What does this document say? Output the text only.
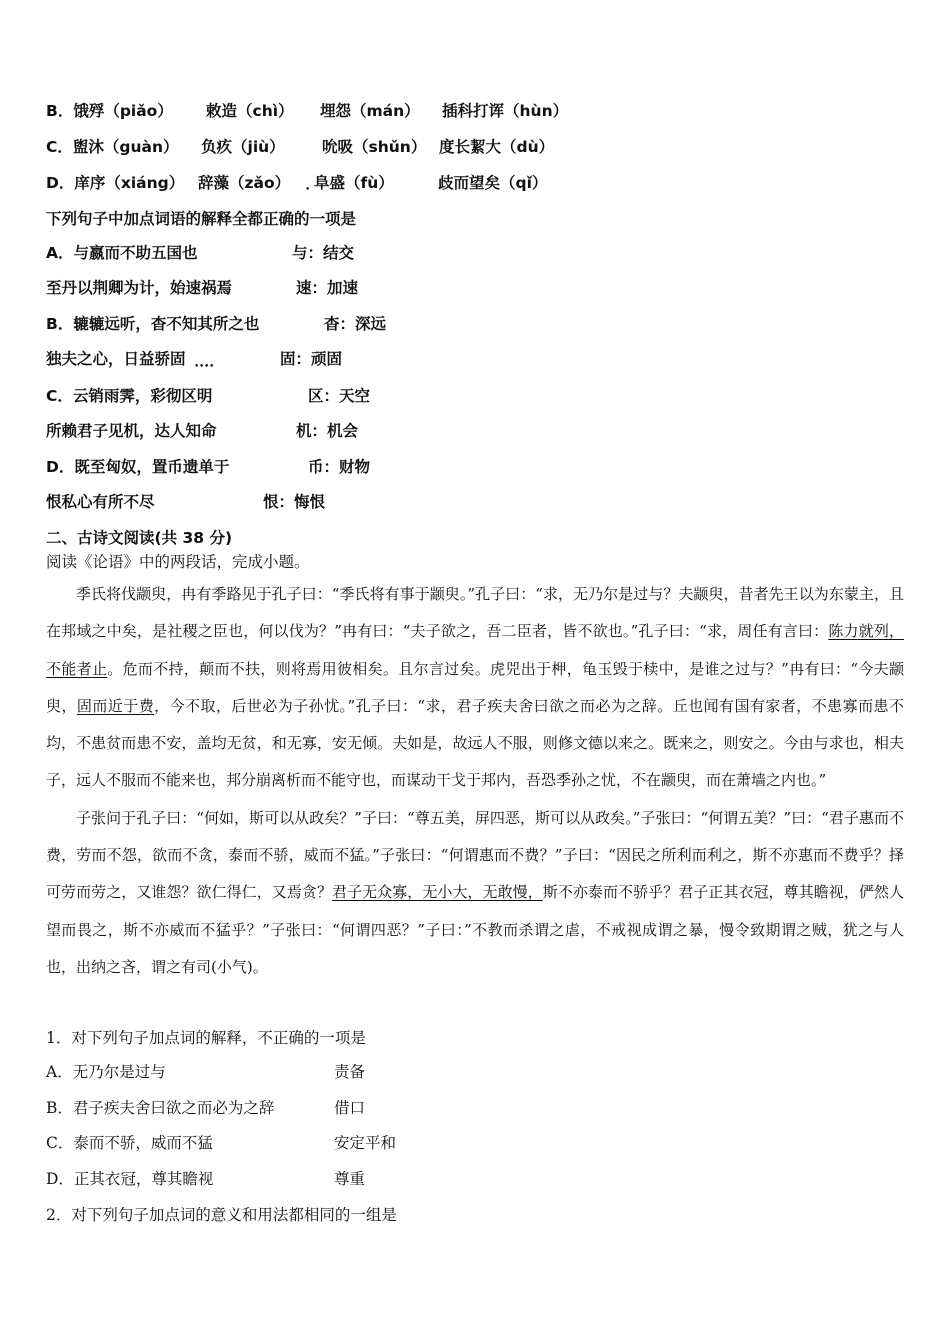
B．饿殍（piǎo） 敕造（chì） 埋怨（mán） 插科打诨（hùn）
C．盥沐（guàn） 负疚（jiù） 吮吸（shǔn） 度长絜大（dù）
D．庠序（xiáng） 辞藻（zǎo） 阜盛（fù）	歧而望矣（qǐ）
下列句子中加点词语的解释全都正确的一项是
A．与嬴而不助五国也	与：结交
至丹以荆卿为计，始速祸焉	速：加速
B．辘辘远听，杳不知其所之也	杳：深远
独夫之心，日益骄固	固：顽固
C．云销雨霁，彩彻区明	区：天空
所赖君子见机，达人知命	机：机会
D．既至匈奴，置币遗单于	币：财物
恨私心有所不尽	恨：悔恨
•
• • • •
二、古诗文阅读(共 38 分)
阅读《论语》中的两段话，完成小题。

季氏将伐颛臾，冉有季路见于孔子曰：“季氏将有事于颛臾。”孔子曰：“求，无乃尔是过与？夫颛臾，昔者先王以为东蒙主，且在邦域之中矣，是社稷之臣也，何以伐为？”冉有曰：“夫子欲之，吾二臣者，皆不欲也。”孔子曰：“求，周任有言曰：陈力就列，不能者止。危而不持，颠而不扶，则将焉用彼相矣。且尔言过矣。虎兕出于柙，龟玉毁于椟中，是谁之过与？”冉有曰：“今夫颛臾，固而近于费，今不取，后世必为子孙忧。”孔子曰：“求，君子疾夫舍曰欲之而必为之辞。丘也闻有国有家者，不患寡而患不均，不患贫而患不安，盖均无贫，和无寡，安无倾。夫如是，故远人不服，则修文德以来之。既来之，则安之。今由与求也，相夫子，远人不服而不能来也，邦分崩离析而不能守也，而谋动干戈于邦内，吾恐季孙之忧，不在颛臾，而在萧墙之内也。”

子张问于孔子曰：“何如，斯可以从政矣？”子曰：“尊五美，屏四恶，斯可以从政矣。”子张曰：“何谓五美？”曰：“君子惠而不费，劳而不怨，欲而不贪，泰而不骄，威而不猛。”子张曰：“何谓惠而不费？”子曰：“因民之所利而利之，斯不亦惠而不费乎？择可劳而劳之，又谁怨？欲仁得仁，又焉贪？君子无众寡，无小大，无敢慢，斯不亦泰而不骄乎？君子正其衣冠，尊其瞻视，俨然人望而畏之，斯不亦威而不猛乎？”子张曰：“何谓四恶？”子曰：”不教而杀谓之虐，不戒视成谓之暴，慢令致期谓之贼，犹之与人也，出纳之吝，谓之有司(小气)。

1．对下列句子加点词的解释，不正确的一项是
A．无乃尔是过与	责备
B．君子疾夫舍曰欲之而必为之辞	借口
C．泰而不骄，威而不猛	安定平和
D．正其衣冠，尊其瞻视	尊重
2．对下列句子加点词的意义和用法都相同的一组是
